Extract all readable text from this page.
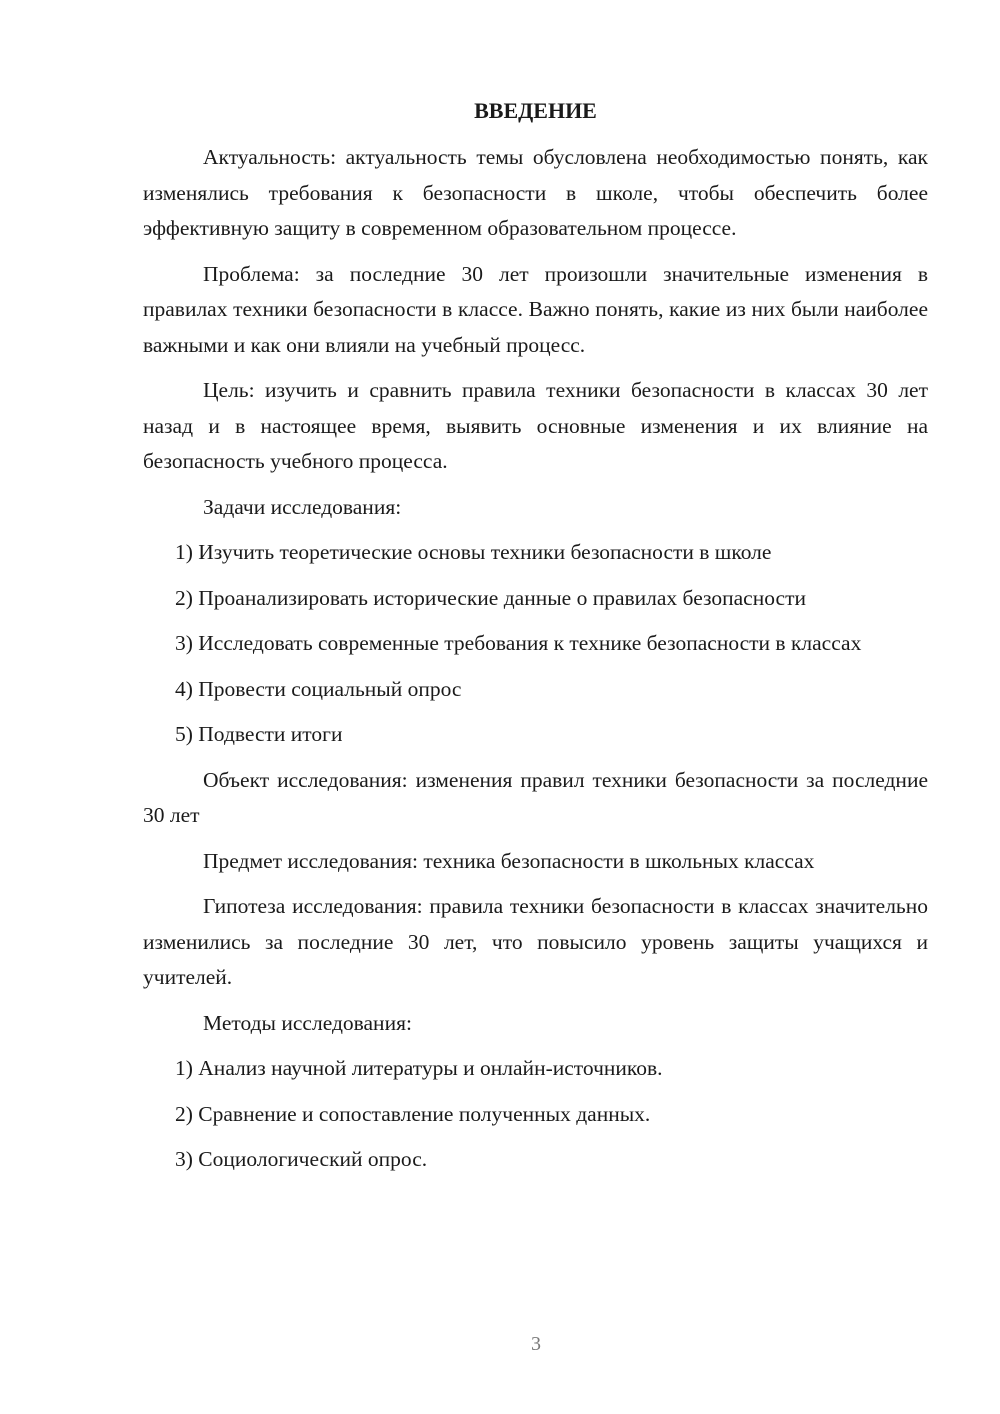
ВВЕДЕНИЕ

Актуальность: актуальность темы обусловлена необходимостью понять, как изменялись требования к безопасности в школе, чтобы обеспечить более эффективную защиту в современном образовательном процессе.

Проблема: за последние 30 лет произошли значительные изменения в правилах техники безопасности в классе. Важно понять, какие из них были наиболее важными и как они влияли на учебный процесс.

Цель: изучить и сравнить правила техники безопасности в классах 30 лет назад и в настоящее время, выявить основные изменения и их влияние на безопасность учебного процесса.

Задачи исследования:

1) Изучить теоретические основы техники безопасности в школе

2) Проанализировать исторические данные о правилах безопасности

3) Исследовать современные требования к технике безопасности в классах

4) Провести социальный опрос

5) Подвести итоги

Объект исследования: изменения правил техники безопасности за последние 30 лет

Предмет исследования: техника безопасности в школьных классах

Гипотеза исследования: правила техники безопасности в классах значительно изменились за последние 30 лет, что повысило уровень защиты учащихся и учителей.

Методы исследования:

1) Анализ научной литературы и онлайн-источников.

2) Сравнение и сопоставление полученных данных.

3) Социологический опрос.

3
